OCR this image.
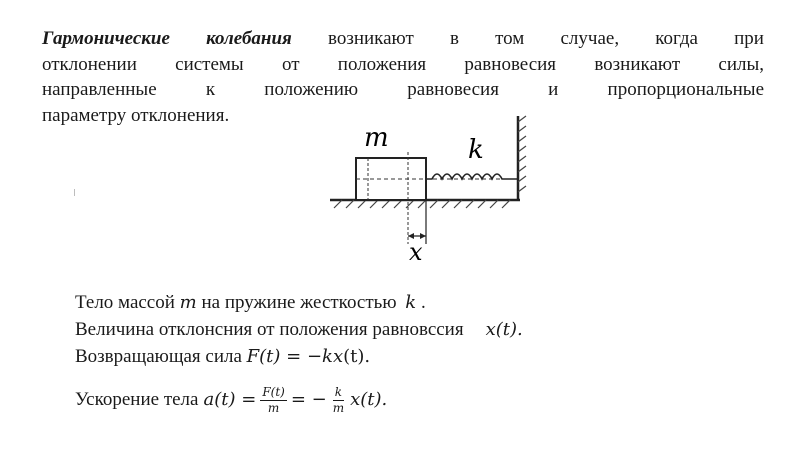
Гармонические колебания возникают в том случае, когда при
отклонении системы от положения равновесия возникают силы,
направленные к положению равновесия и пропорциональные
параметру отклонения.
m	k
x
Тело массой m на пружине жесткостью k .
Величина отклонсния от положения равновссия x(t).
Возвращающая сила F(t) = −kx(t).
Ускорение тела $a(t) = \frac{F(t)}{m}$ = − $\frac{k}{m} x(t)$.
